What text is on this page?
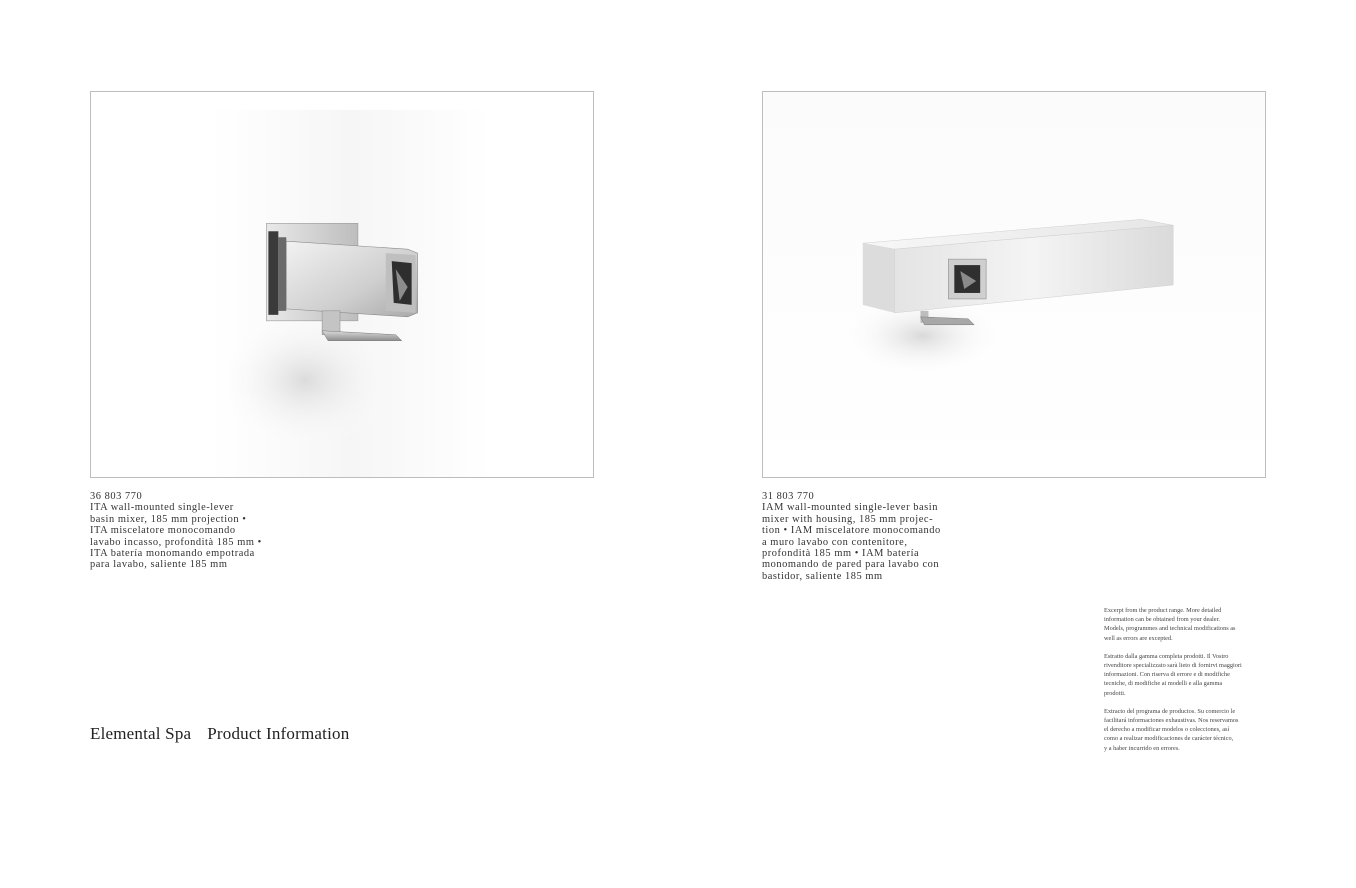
36 803 770
ITA wall-mounted single-lever
basin mixer, 185 mm projection •
ITA miscelatore monocomando
lavabo incasso, profondità 185 mm •
ITA batería monomando empotrada
para lavabo, saliente 185 mm
31 803 770
IAM wall-mounted single-lever basin
mixer with housing, 185 mm projec-
tion • IAM miscelatore monocomando
a muro lavabo con contenitore,
profondità 185 mm • IAM batería
monomando de pared para lavabo con
bastidor, saliente 185 mm
Elemental Spa Product Information

Excerpt from the product range. More detailed
information can be obtained from your dealer.
Models, programmes and technical modifications as
well as errors are excepted.

Estratto dalla gamma completa prodotti. Il Vostro
rivenditore specializzato sarà lieto di fornirvi maggiori
informazioni. Con riserva di errore e di modifiche
tecniche, di modifiche ai modelli e alla gamma
prodotti.

Extracto del programa de productos. Su comercio le
facilitará informaciones exhaustivas. Nos reservamos
el derecho a modificar modelos o colecciones, así
como a realizar modificaciones de carácter técnico,
y a haber incurrido en errores.
